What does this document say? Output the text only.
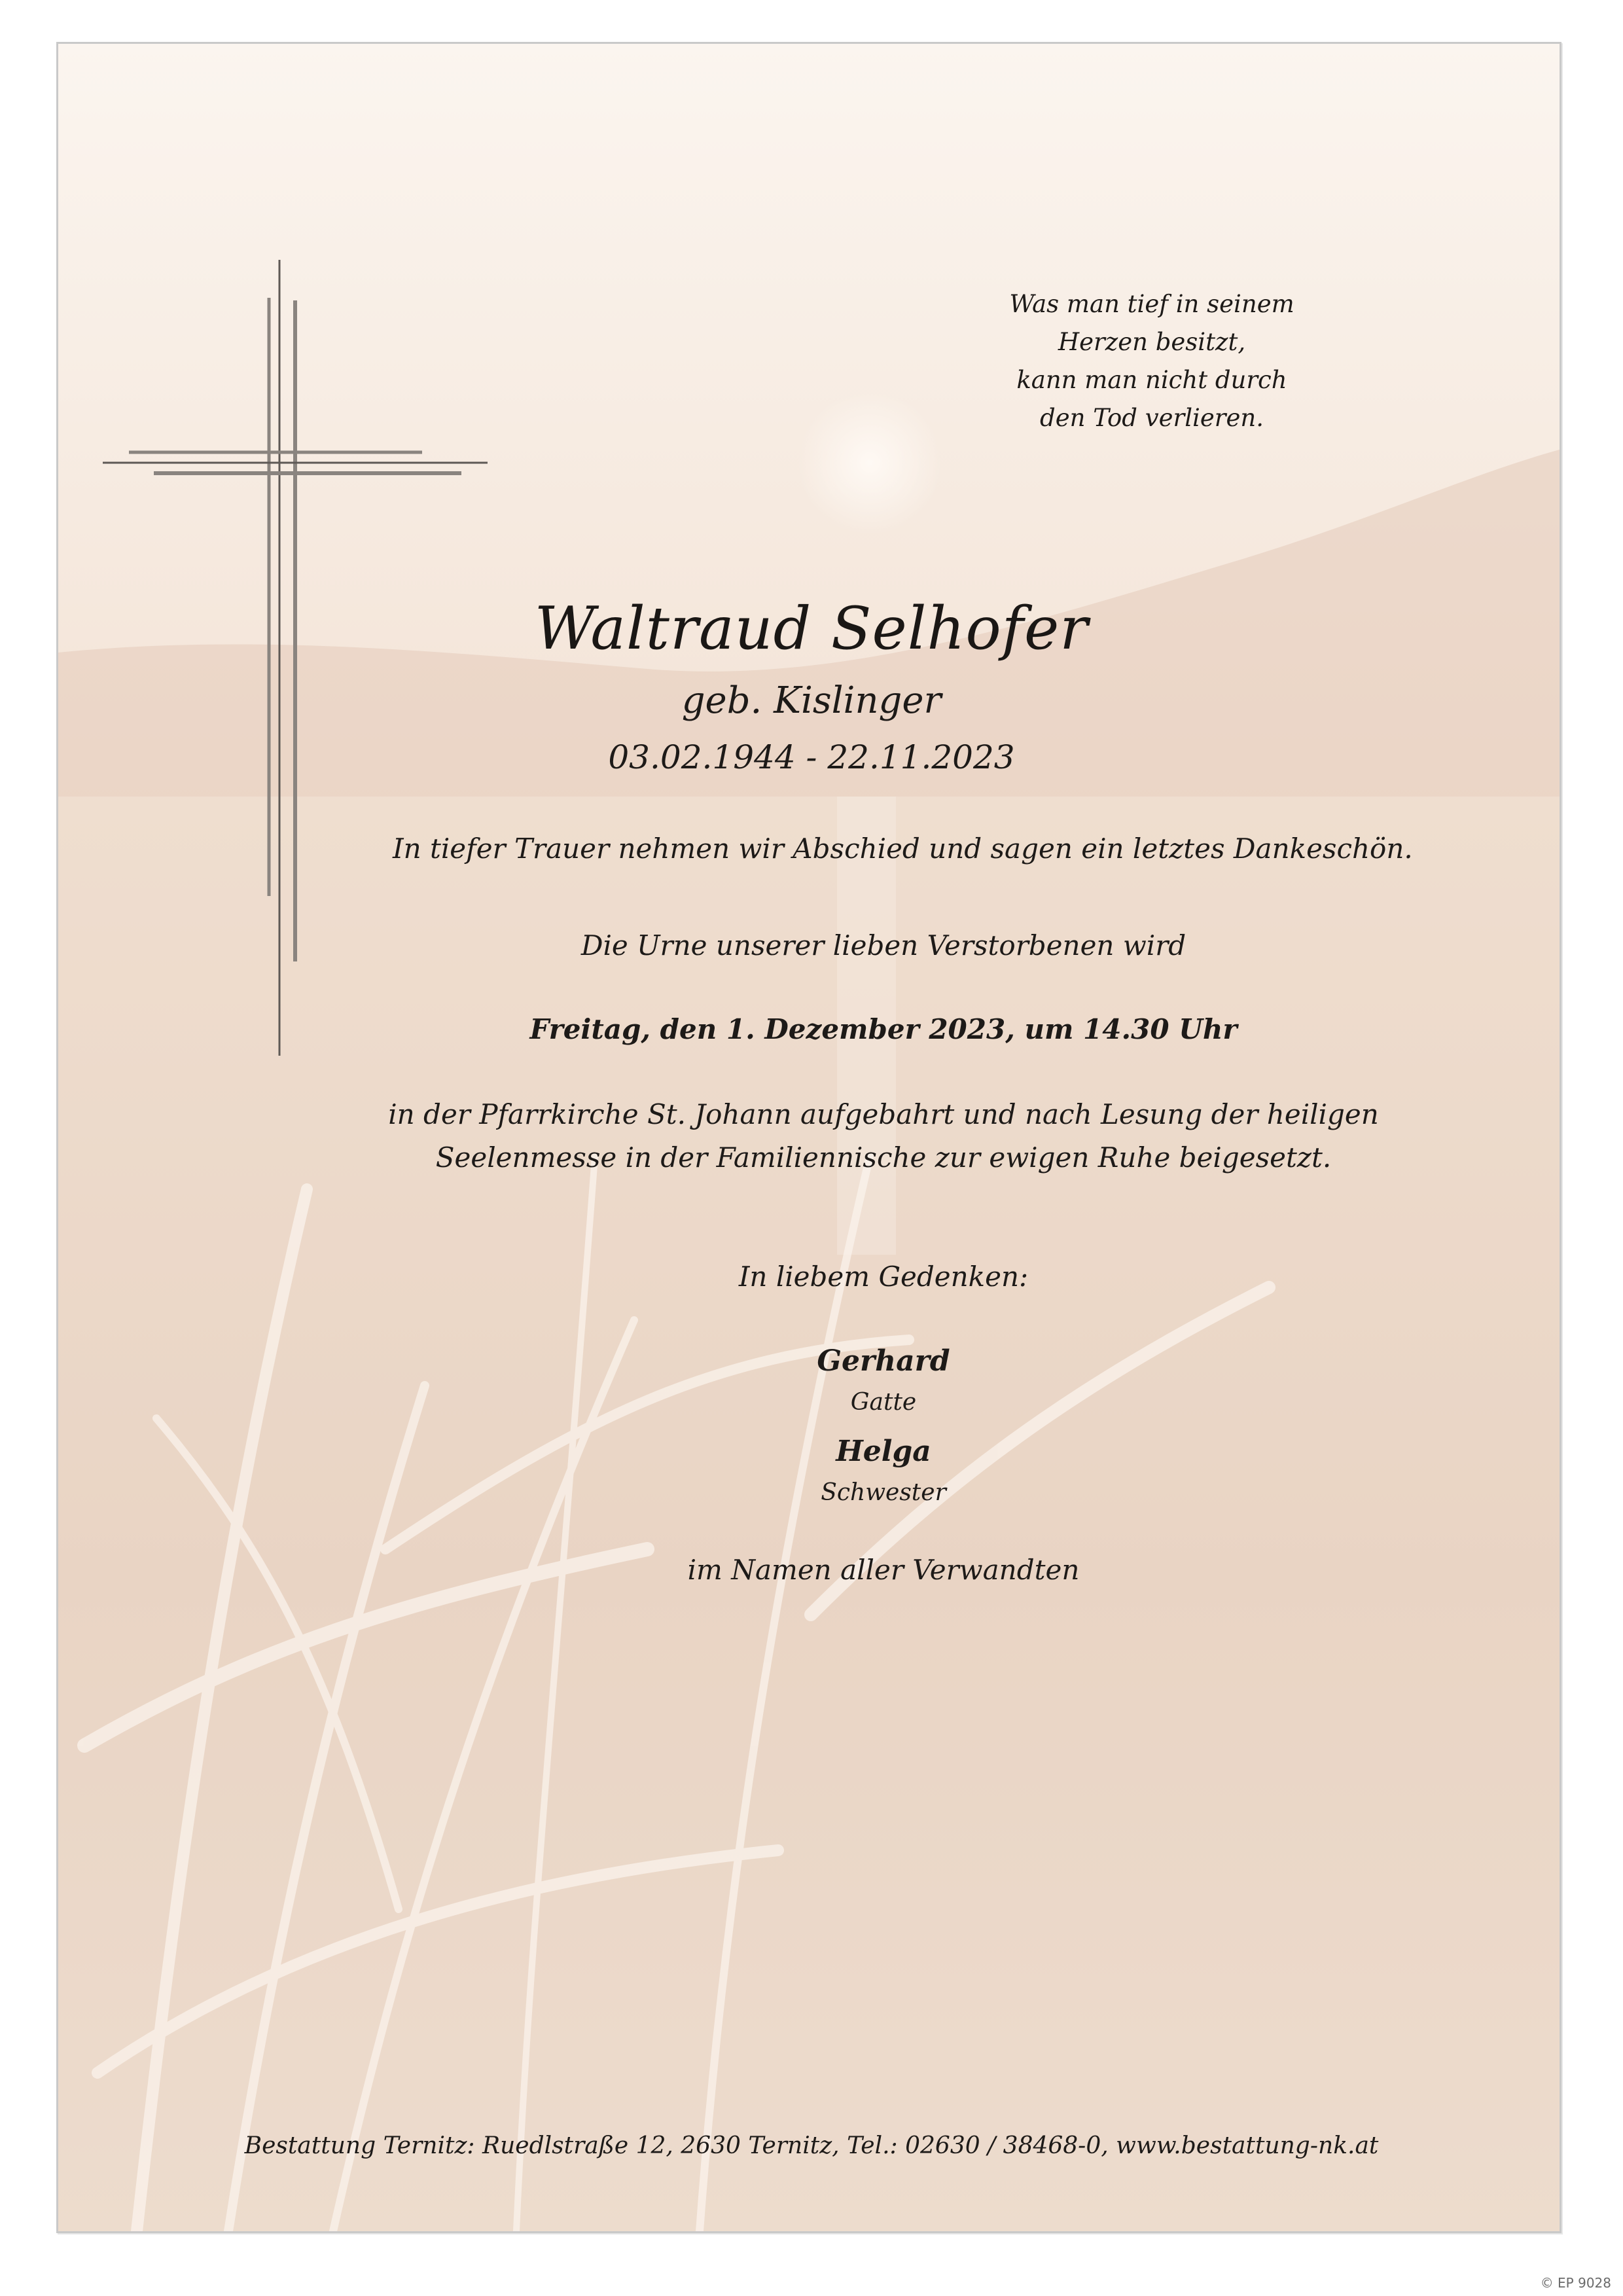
Was man tief in seinem
Herzen besitzt,
kann man nicht durch
den Tod verlieren.
Waltraud Selhofer
geb. Kislinger
03.02.1944 - 22.11.2023
In tiefer Trauer nehmen wir Abschied und sagen ein letztes Dankeschön.
Die Urne unserer lieben Verstorbenen wird
Freitag, den 1. Dezember 2023, um 14.30 Uhr
in der Pfarrkirche St. Johann aufgebahrt und nach Lesung der heiligen
Seelenmesse in der Familiennische zur ewigen Ruhe beigesetzt.
In liebem Gedenken:
Gerhard
Gatte
Helga
Schwester
im Namen aller Verwandten
Bestattung Ternitz: Ruedlstraße 12, 2630 Ternitz, Tel.: 02630 / 38468-0, www.bestattung-nk.at
© EP 9028
